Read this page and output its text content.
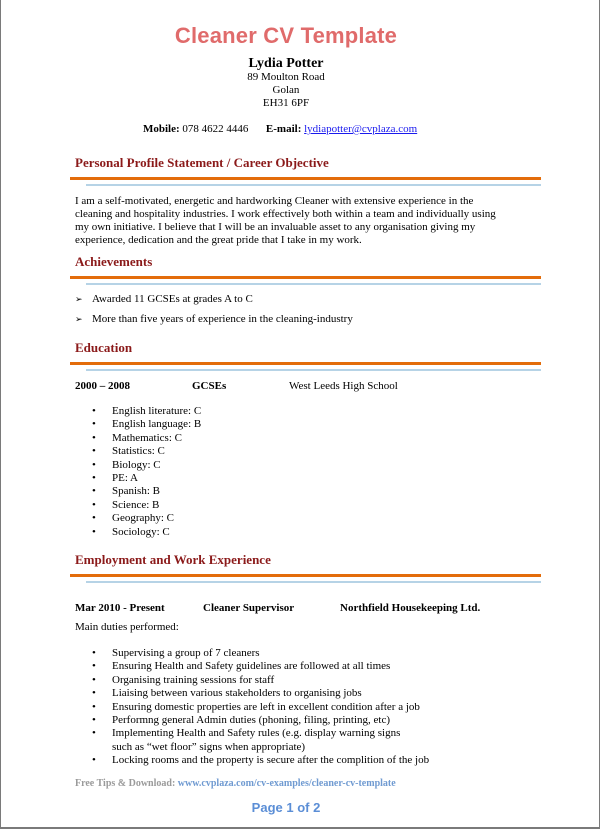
Cleaner CV Template
Lydia Potter
89 Moulton Road
Golan
EH31 6PF
Mobile: 078 4622 4446 E-mail: lydiapotter@cvplaza.com
Personal Profile Statement / Career Objective
I am a self-motivated, energetic and hardworking Cleaner with extensive experience in the
cleaning and hospitality industries. I work effectively both within a team and individually using
my own initiative. I believe that I will be an invaluable asset to any organisation giving my
experience, dedication and the great pride that I take in my work.
Achievements
➢ Awarded 11 GCSEs at grades A to C
➢ More than five years of experience in the cleaning-industry
Education
2000 – 2008	GCSEs	West Leeds High School
• English literature: C
• English language: B
• Mathematics: C
• Statistics: C
• Biology: C
• PE: A
• Spanish: B
• Science: B
• Geography: C
• Sociology: C
Employment and Work Experience
Mar 2010 - Present	Cleaner Supervisor	Northfield Housekeeping Ltd.
Main duties performed:
• Supervising a group of 7 cleaners
• Ensuring Health and Safety guidelines are followed at all times
• Organising training sessions for staff
• Liaising between various stakeholders to organising jobs
• Ensuring domestic properties are left in excellent condition after a job
• Performng general Admin duties (phoning, filing, printing, etc)
• Implementing Health and Safety rules (e.g. display warning signs such as “wet floor” signs when appropriate)
• Locking rooms and the property is secure after the complition of the job
Free Tips & Download: www.cvplaza.com/cv-examples/cleaner-cv-template
Page 1 of 2
